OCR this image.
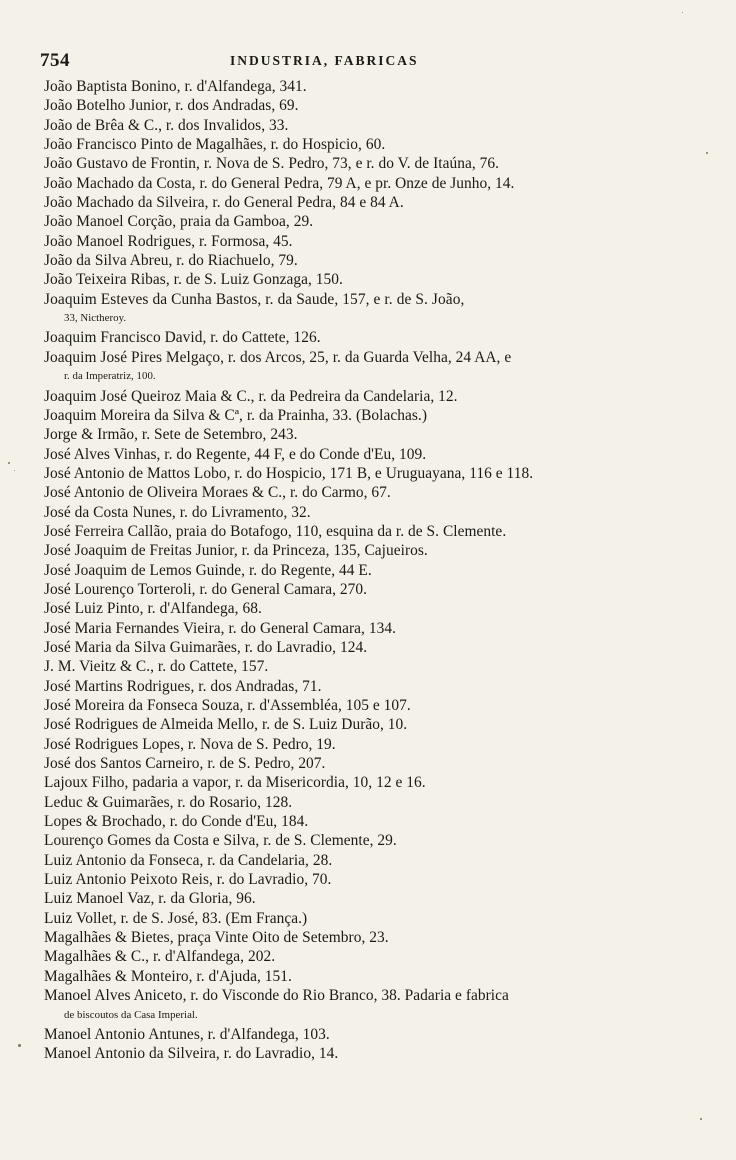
754	INDUSTRIA, FABRICAS
João Baptista Bonino, r. d'Alfandega, 341.
João Botelho Junior, r. dos Andradas, 69.
João de Brêa & C., r. dos Invalidos, 33.
João Francisco Pinto de Magalhães, r. do Hospicio, 60.
João Gustavo de Frontin, r. Nova de S. Pedro, 73, e r. do V. de Itaúna, 76.
João Machado da Costa, r. do General Pedra, 79 A, e pr. Onze de Junho, 14.
João Machado da Silveira, r. do General Pedra, 84 e 84 A.
João Manoel Corção, praia da Gamboa, 29.
João Manoel Rodrigues, r. Formosa, 45.
João da Silva Abreu, r. do Riachuelo, 79.
João Teixeira Ribas, r. de S. Luiz Gonzaga, 150.
Joaquim Esteves da Cunha Bastos, r. da Saude, 157, e r. de S. João,
33, Nictheroy.
Joaquim Francisco David, r. do Cattete, 126.
Joaquim José Pires Melgaço, r. dos Arcos, 25, r. da Guarda Velha, 24 AA, e
r. da Imperatriz, 100.
Joaquim José Queiroz Maia & C., r. da Pedreira da Candelaria, 12.
Joaquim Moreira da Silva & Cª, r. da Prainha, 33. (Bolachas.)
Jorge & Irmão, r. Sete de Setembro, 243.
José Alves Vinhas, r. do Regente, 44 F, e do Conde d'Eu, 109.
José Antonio de Mattos Lobo, r. do Hospicio, 171 B, e Uruguayana, 116 e 118.
José Antonio de Oliveira Moraes & C., r. do Carmo, 67.
José da Costa Nunes, r. do Livramento, 32.
José Ferreira Callão, praia do Botafogo, 110, esquina da r. de S. Clemente.
José Joaquim de Freitas Junior, r. da Princeza, 135, Cajueiros.
José Joaquim de Lemos Guinde, r. do Regente, 44 E.
José Lourenço Torteroli, r. do General Camara, 270.
José Luiz Pinto, r. d'Alfandega, 68.
José Maria Fernandes Vieira, r. do General Camara, 134.
José Maria da Silva Guimarães, r. do Lavradio, 124.
J. M. Vieitz & C., r. do Cattete, 157.
José Martins Rodrigues, r. dos Andradas, 71.
José Moreira da Fonseca Souza, r. d'Assembléa, 105 e 107.
José Rodrigues de Almeida Mello, r. de S. Luiz Durão, 10.
José Rodrigues Lopes, r. Nova de S. Pedro, 19.
José dos Santos Carneiro, r. de S. Pedro, 207.
Lajoux Filho, padaria a vapor, r. da Misericordia, 10, 12 e 16.
Leduc & Guimarães, r. do Rosario, 128.
Lopes & Brochado, r. do Conde d'Eu, 184.
Lourenço Gomes da Costa e Silva, r. de S. Clemente, 29.
Luiz Antonio da Fonseca, r. da Candelaria, 28.
Luiz Antonio Peixoto Reis, r. do Lavradio, 70.
Luiz Manoel Vaz, r. da Gloria, 96.
Luiz Vollet, r. de S. José, 83. (Em França.)
Magalhães & Bietes, praça Vinte Oito de Setembro, 23.
Magalhães & C., r. d'Alfandega, 202.
Magalhães & Monteiro, r. d'Ajuda, 151.
Manoel Alves Aniceto, r. do Visconde do Rio Branco, 38. Padaria e fabrica
de biscoutos da Casa Imperial.
Manoel Antonio Antunes, r. d'Alfandega, 103.
Manoel Antonio da Silveira, r. do Lavradio, 14.
